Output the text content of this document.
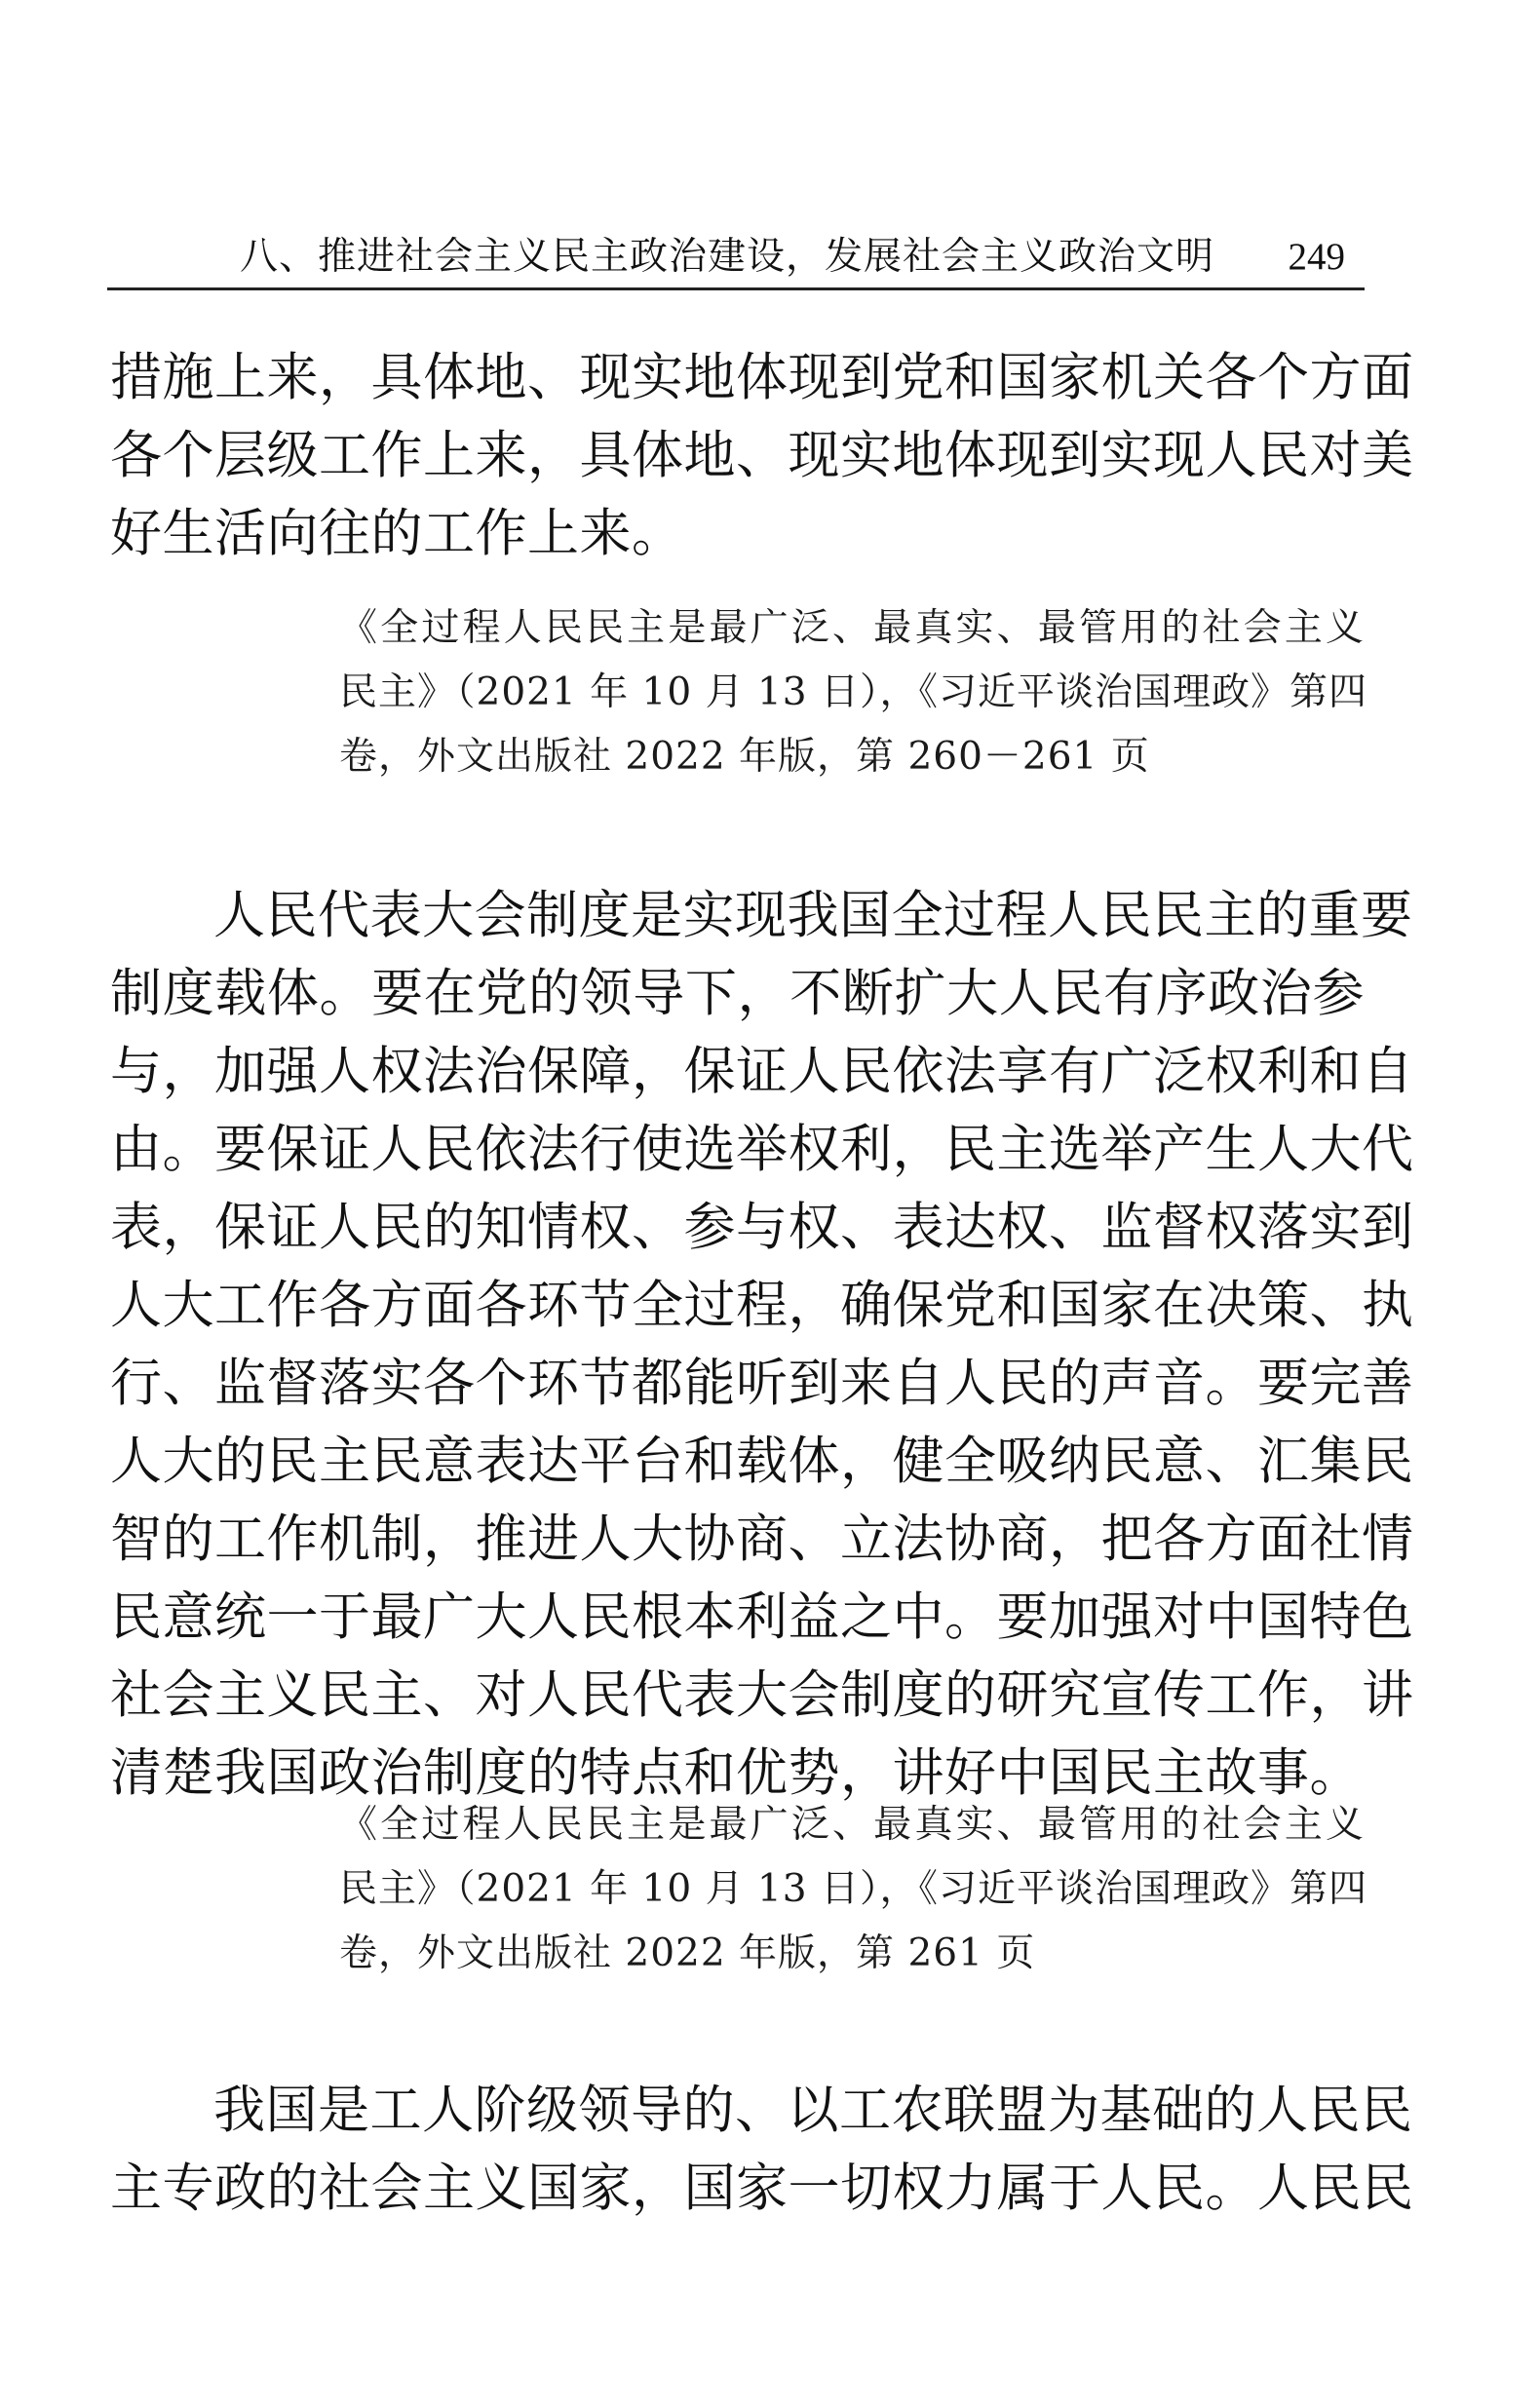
八、推进社会主义民主政治建设，发展社会主义政治文明 249
措施上来，具体地、现实地体现到党和国家机关各个方面
各个层级工作上来，具体地、现实地体现到实现人民对美
好生活向往的工作上来。
《全过程人民民主是最广泛、最真实、最管用的社会主义
民主》（2021 年 10 月 13 日），《习近平谈治国理政》第四
卷，外文出版社 2022 年版，第 260－261 页
人民代表大会制度是实现我国全过程人民民主的重要
制度载体。要在党的领导下，不断扩大人民有序政治参
与，加强人权法治保障，保证人民依法享有广泛权利和自
由。要保证人民依法行使选举权利，民主选举产生人大代
表，保证人民的知情权、参与权、表达权、监督权落实到
人大工作各方面各环节全过程，确保党和国家在决策、执
行、监督落实各个环节都能听到来自人民的声音。要完善
人大的民主民意表达平台和载体，健全吸纳民意、汇集民
智的工作机制，推进人大协商、立法协商，把各方面社情
民意统一于最广大人民根本利益之中。要加强对中国特色
社会主义民主、对人民代表大会制度的研究宣传工作，讲
清楚我国政治制度的特点和优势，讲好中国民主故事。
《全过程人民民主是最广泛、最真实、最管用的社会主义
民主》（2021 年 10 月 13 日），《习近平谈治国理政》第四
卷，外文出版社 2022 年版，第 261 页
我国是工人阶级领导的、以工农联盟为基础的人民民
主专政的社会主义国家，国家一切权力属于人民。人民民
